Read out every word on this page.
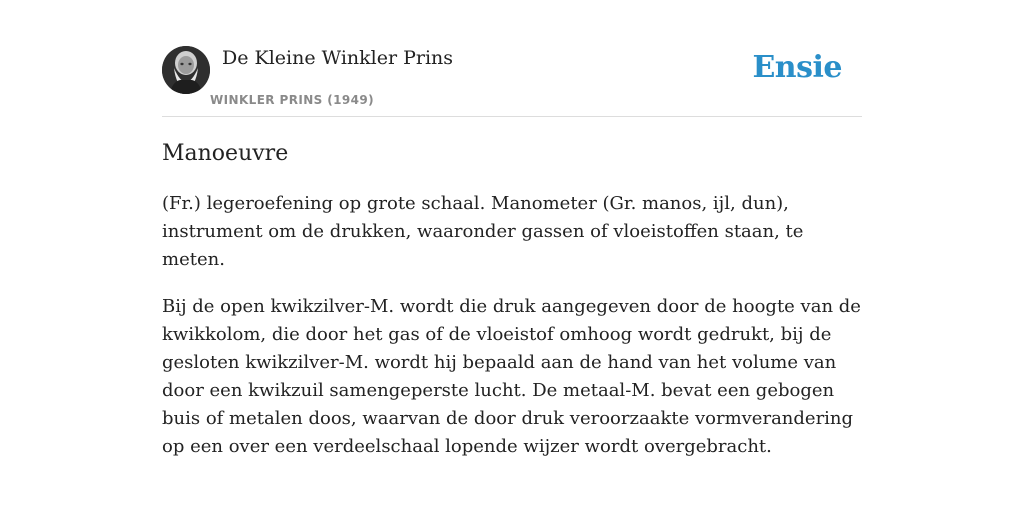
De Kleine Winkler Prins
WINKLER PRINS (1949)
Ensie
Manoeuvre

(Fr.) legeroefening op grote schaal. Manometer (Gr. manos, ijl, dun), instrument om de drukken, waaronder gassen of vloeistoffen staan, te meten.

Bij de open kwikzilver-M. wordt die druk aangegeven door de hoogte van de kwikkolom, die door het gas of de vloeistof omhoog wordt gedrukt, bij de gesloten kwikzilver-M. wordt hij bepaald aan de hand van het volume van door een kwikzuil samengeperste lucht. De metaal-M. bevat een gebogen buis of metalen doos, waarvan de door druk veroorzaakte vormverandering op een over een verdeelschaal lopende wijzer wordt overgebracht.
